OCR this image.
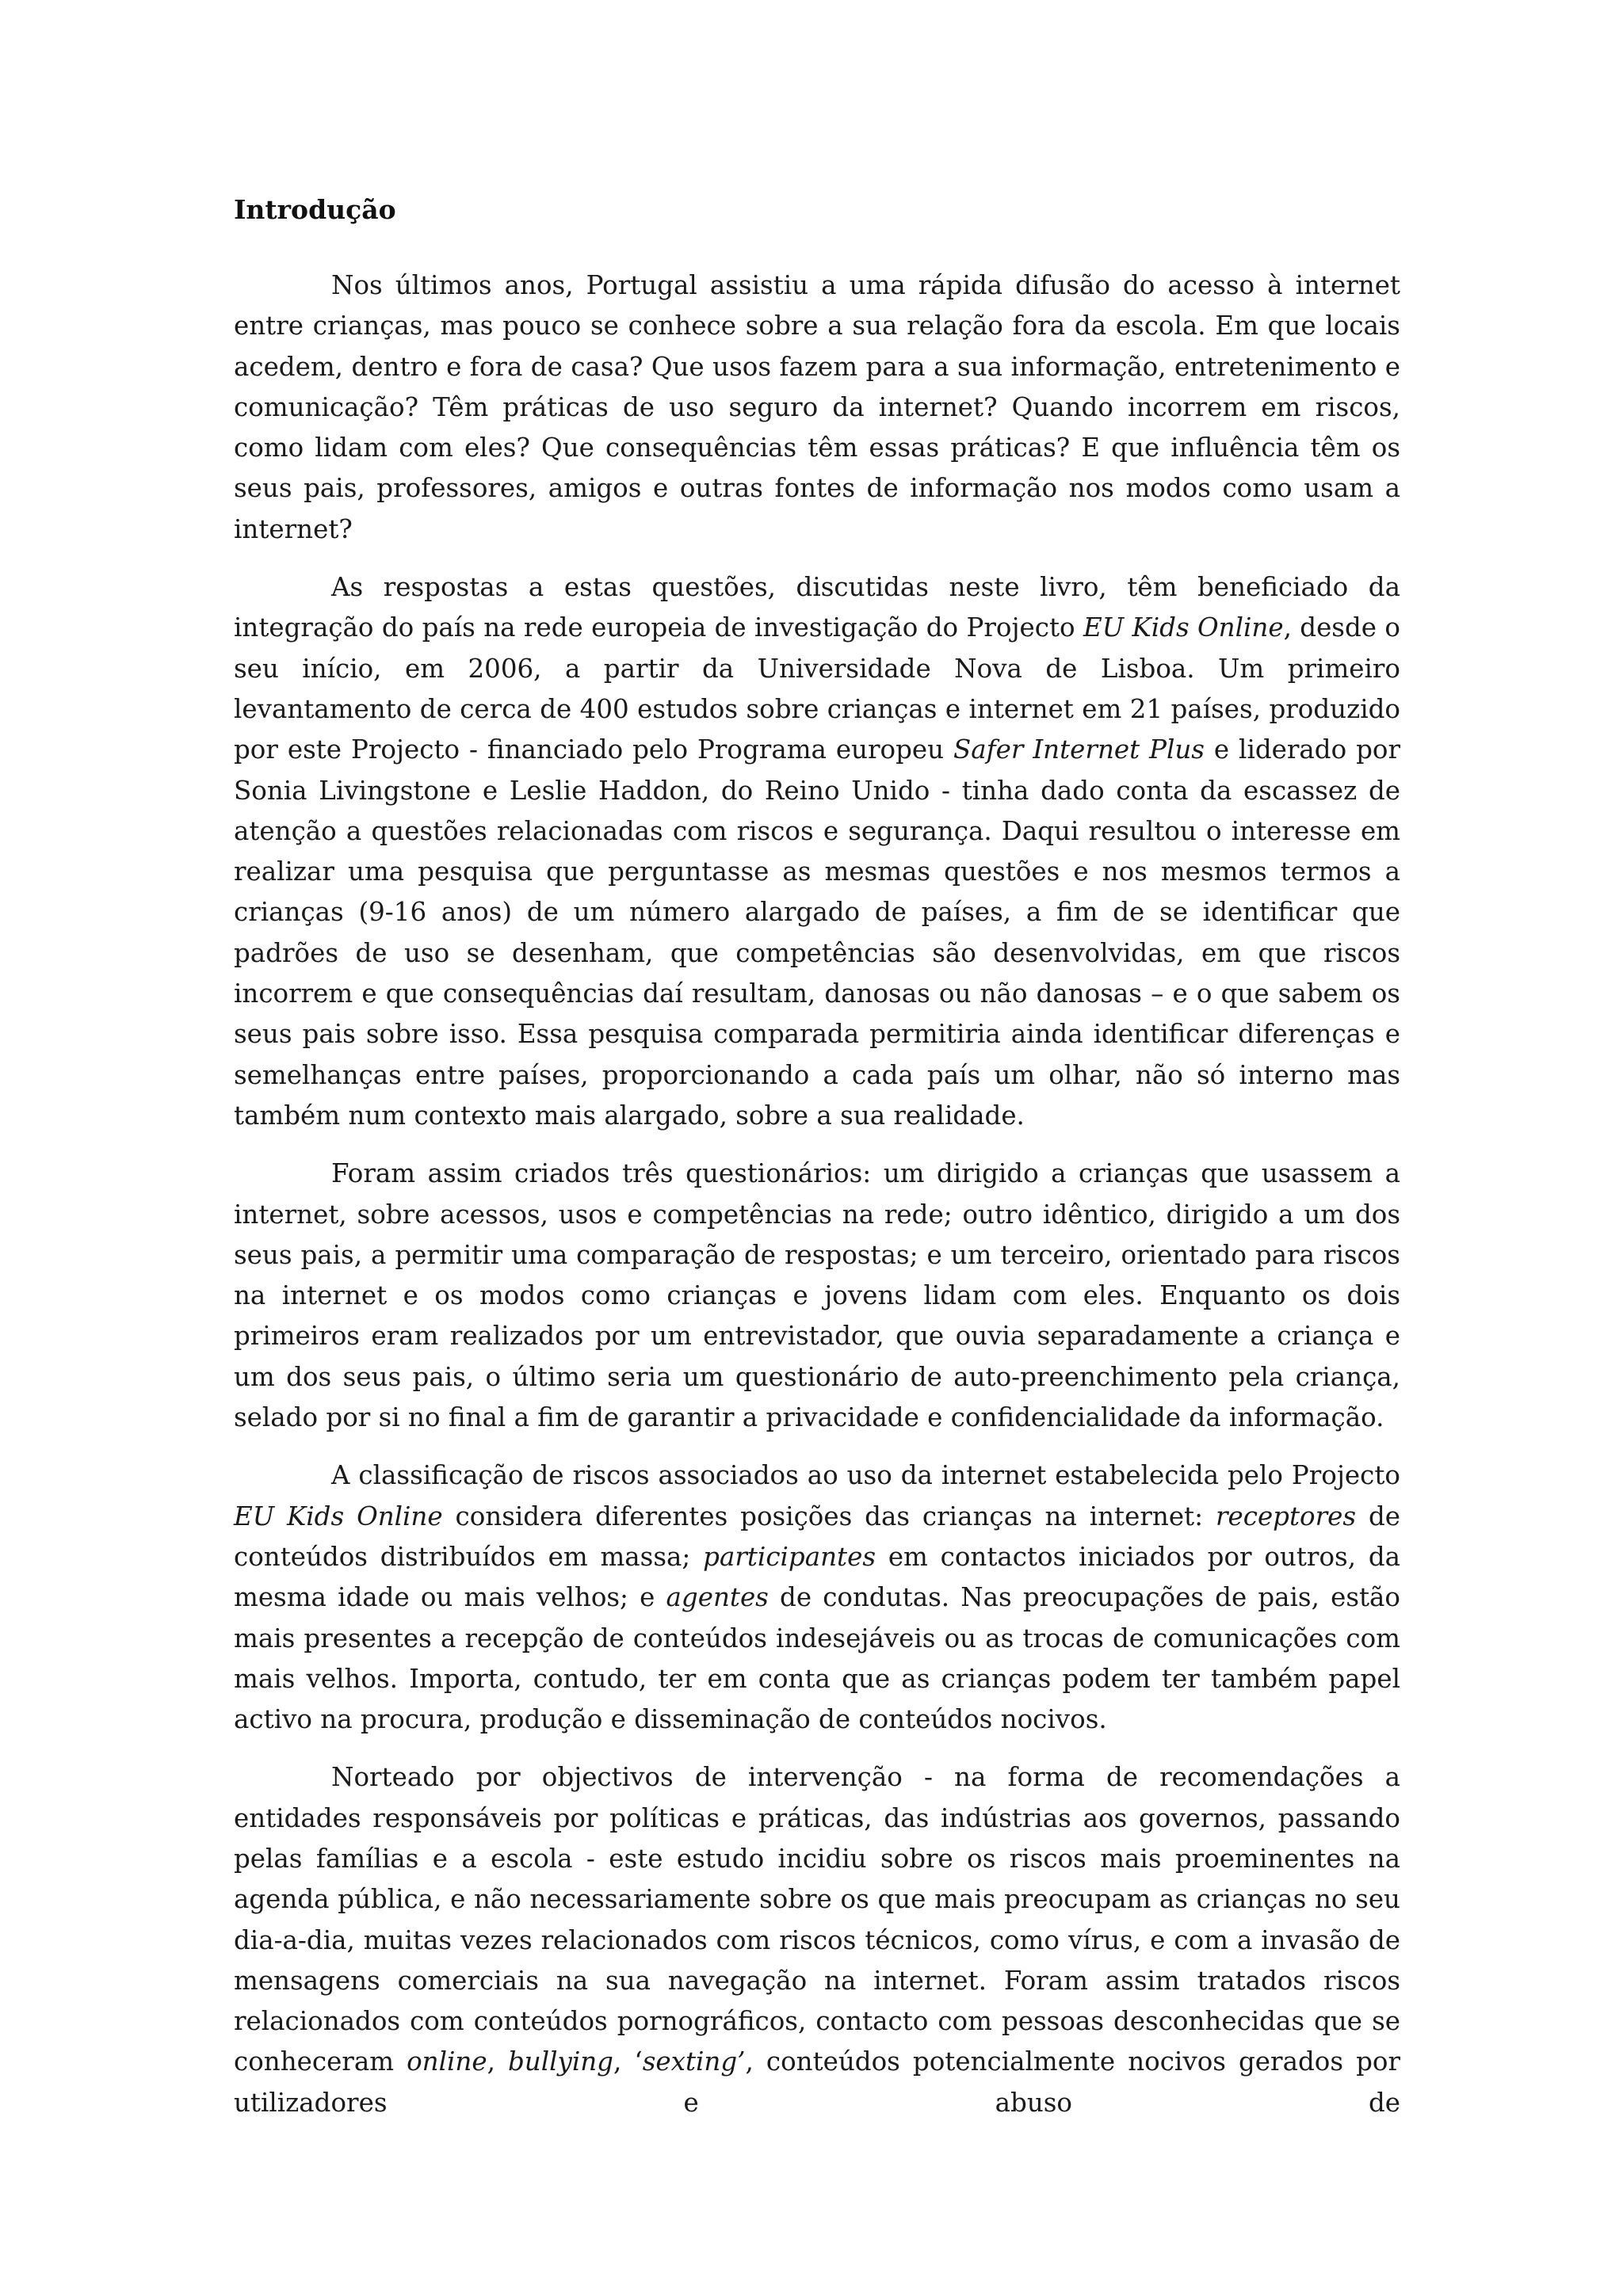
Introdução

Nos últimos anos, Portugal assistiu a uma rápida difusão do acesso à internet entre crianças, mas pouco se conhece sobre a sua relação fora da escola. Em que locais acedem, dentro e fora de casa? Que usos fazem para a sua informação, entretenimento e comunicação? Têm práticas de uso seguro da internet? Quando incorrem em riscos, como lidam com eles? Que consequências têm essas práticas? E que influência têm os seus pais, professores, amigos e outras fontes de informação nos modos como usam a internet?

As respostas a estas questões, discutidas neste livro, têm beneficiado da integração do país na rede europeia de investigação do Projecto EU Kids Online, desde o seu início, em 2006, a partir da Universidade Nova de Lisboa. Um primeiro levantamento de cerca de 400 estudos sobre crianças e internet em 21 países, produzido por este Projecto - financiado pelo Programa europeu Safer Internet Plus e liderado por Sonia Livingstone e Leslie Haddon, do Reino Unido - tinha dado conta da escassez de atenção a questões relacionadas com riscos e segurança. Daqui resultou o interesse em realizar uma pesquisa que perguntasse as mesmas questões e nos mesmos termos a crianças (9-16 anos) de um número alargado de países, a fim de se identificar que padrões de uso se desenham, que competências são desenvolvidas, em que riscos incorrem e que consequências daí resultam, danosas ou não danosas – e o que sabem os seus pais sobre isso. Essa pesquisa comparada permitiria ainda identificar diferenças e semelhanças entre países, proporcionando a cada país um olhar, não só interno mas também num contexto mais alargado, sobre a sua realidade.

Foram assim criados três questionários: um dirigido a crianças que usassem a internet, sobre acessos, usos e competências na rede; outro idêntico, dirigido a um dos seus pais, a permitir uma comparação de respostas; e um terceiro, orientado para riscos na internet e os modos como crianças e jovens lidam com eles. Enquanto os dois primeiros eram realizados por um entrevistador, que ouvia separadamente a criança e um dos seus pais, o último seria um questionário de auto-preenchimento pela criança, selado por si no final a fim de garantir a privacidade e confidencialidade da informação.

A classificação de riscos associados ao uso da internet estabelecida pelo Projecto EU Kids Online considera diferentes posições das crianças na internet: receptores de conteúdos distribuídos em massa; participantes em contactos iniciados por outros, da mesma idade ou mais velhos; e agentes de condutas. Nas preocupações de pais, estão mais presentes a recepção de conteúdos indesejáveis ou as trocas de comunicações com mais velhos. Importa, contudo, ter em conta que as crianças podem ter também papel activo na procura, produção e disseminação de conteúdos nocivos.

Norteado por objectivos de intervenção - na forma de recomendações a entidades responsáveis por políticas e práticas, das indústrias aos governos, passando pelas famílias e a escola - este estudo incidiu sobre os riscos mais proeminentes na agenda pública, e não necessariamente sobre os que mais preocupam as crianças no seu dia-a-dia, muitas vezes relacionados com riscos técnicos, como vírus, e com a invasão de mensagens comerciais na sua navegação na internet. Foram assim tratados riscos relacionados com conteúdos pornográficos, contacto com pessoas desconhecidas que se conheceram online, bullying, ‘sexting’, conteúdos potencialmente nocivos gerados por utilizadores e abuso de
